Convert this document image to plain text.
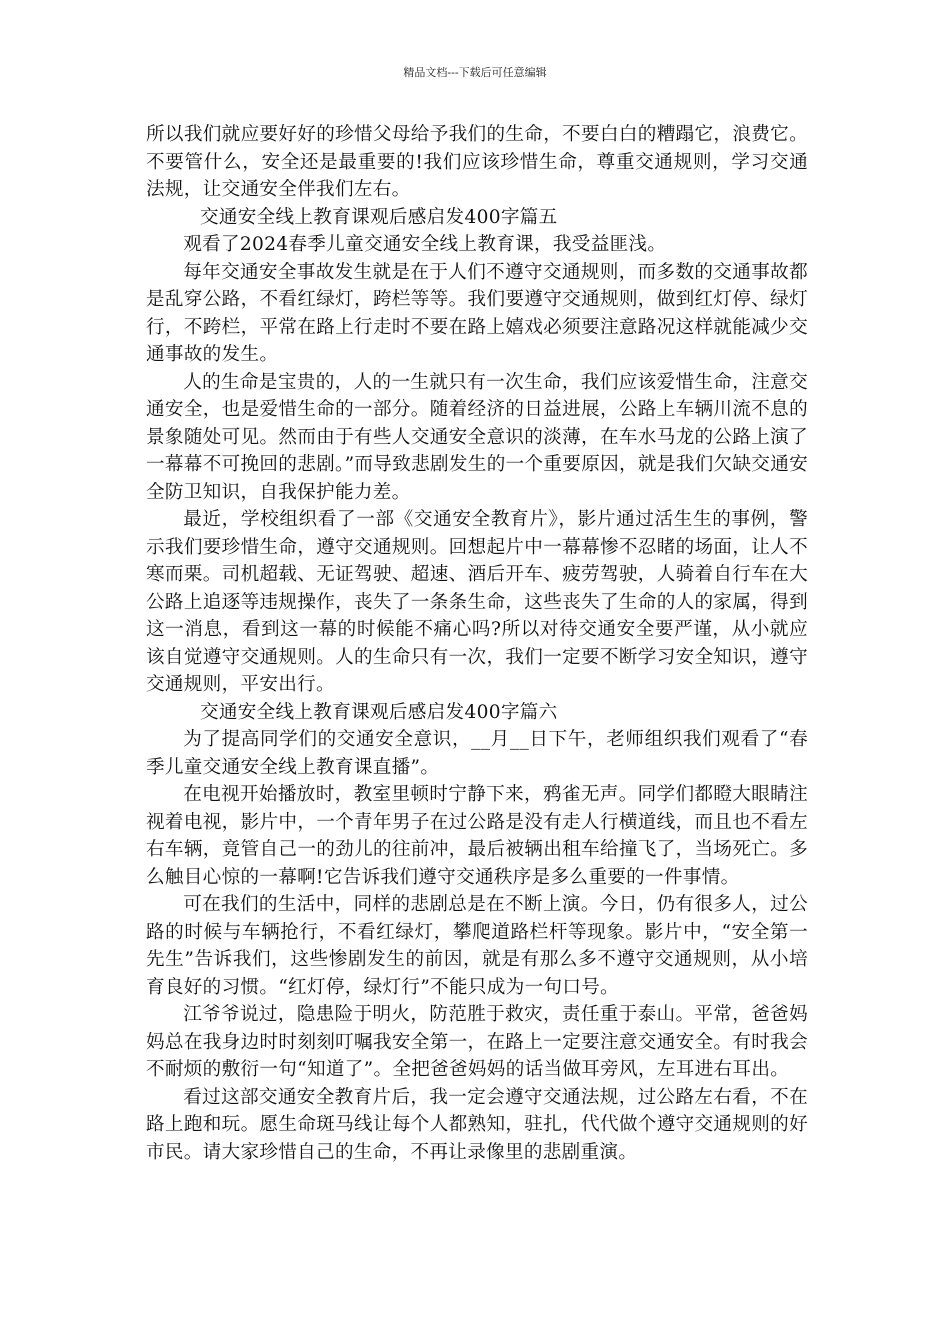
精品文档---下载后可任意编辑

所以我们就应要好好的珍惜父母给予我们的生命，不要白白的糟蹋它，浪费它。不要管什么，安全还是最重要的!我们应该珍惜生命，尊重交通规则，学习交通法规，让交通安全伴我们左右。

交通安全线上教育课观后感启发400字篇五

观看了2024春季儿童交通安全线上教育课，我受益匪浅。

每年交通安全事故发生就是在于人们不遵守交通规则，而多数的交通事故都是乱穿公路，不看红绿灯，跨栏等等。我们要遵守交通规则，做到红灯停、绿灯行，不跨栏，平常在路上行走时不要在路上嬉戏必须要注意路况这样就能减少交通事故的发生。

人的生命是宝贵的，人的一生就只有一次生命，我们应该爱惜生命，注意交通安全，也是爱惜生命的一部分。随着经济的日益进展，公路上车辆川流不息的景象随处可见。然而由于有些人交通安全意识的淡薄，在车水马龙的公路上演了一幕幕不可挽回的悲剧。”而导致悲剧发生的一个重要原因，就是我们欠缺交通安全防卫知识，自我保护能力差。

最近，学校组织看了一部《交通安全教育片》，影片通过活生生的事例，警示我们要珍惜生命，遵守交通规则。回想起片中一幕幕惨不忍睹的场面，让人不寒而栗。司机超载、无证驾驶、超速、酒后开车、疲劳驾驶，人骑着自行车在大公路上追逐等违规操作，丧失了一条条生命，这些丧失了生命的人的家属，得到这一消息，看到这一幕的时候能不痛心吗?所以对待交通安全要严谨，从小就应该自觉遵守交通规则。人的生命只有一次，我们一定要不断学习安全知识，遵守交通规则，平安出行。

交通安全线上教育课观后感启发400字篇六

为了提高同学们的交通安全意识，__月__日下午，老师组织我们观看了“春季儿童交通安全线上教育课直播”。

在电视开始播放时，教室里顿时宁静下来，鸦雀无声。同学们都瞪大眼睛注视着电视，影片中，一个青年男子在过公路是没有走人行横道线，而且也不看左右车辆，竟管自己一的劲儿的往前冲，最后被辆出租车给撞飞了，当场死亡。多么触目心惊的一幕啊!它告诉我们遵守交通秩序是多么重要的一件事情。

可在我们的生活中，同样的悲剧总是在不断上演。今日，仍有很多人，过公路的时候与车辆抢行，不看红绿灯，攀爬道路栏杆等现象。影片中，“安全第一先生”告诉我们，这些惨剧发生的前因，就是有那么多不遵守交通规则，从小培育良好的习惯。“红灯停，绿灯行”不能只成为一句口号。

江爷爷说过，隐患险于明火，防范胜于救灾，责任重于泰山。平常，爸爸妈妈总在我身边时时刻刻叮嘱我安全第一，在路上一定要注意交通安全。有时我会不耐烦的敷衍一句“知道了”。全把爸爸妈妈的话当做耳旁风，左耳进右耳出。

看过这部交通安全教育片后，我一定会遵守交通法规，过公路左右看，不在路上跑和玩。愿生命斑马线让每个人都熟知，驻扎，代代做个遵守交通规则的好市民。请大家珍惜自己的生命，不再让录像里的悲剧重演。
